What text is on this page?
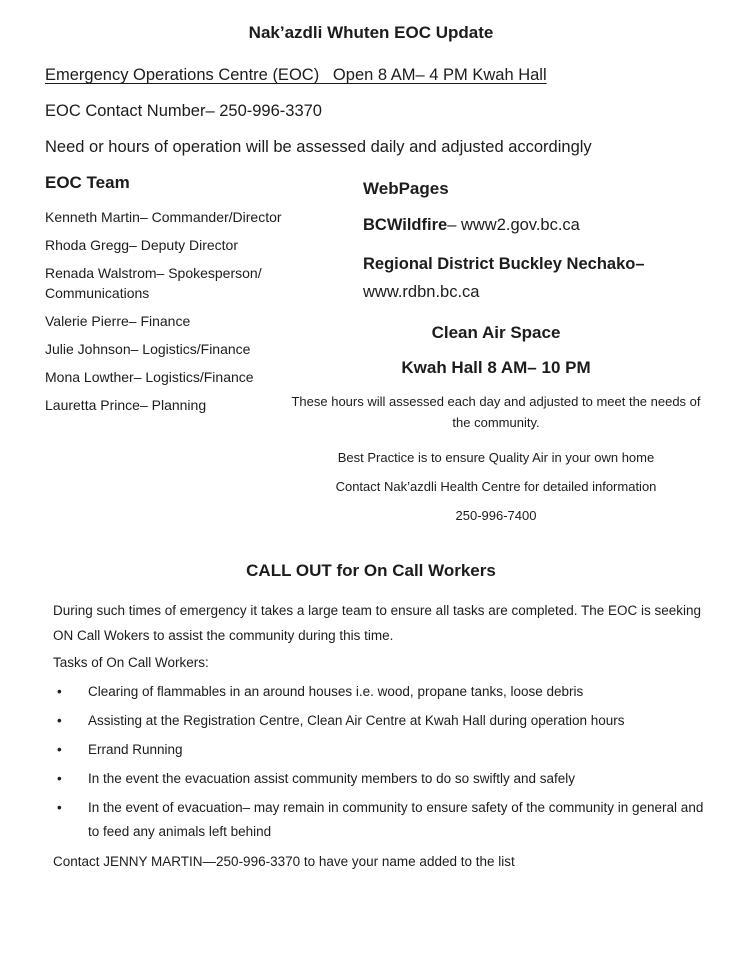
Nak’azdli Whuten EOC Update

Emergency Operations Centre (EOC)   Open 8 AM– 4 PM Kwah Hall

EOC Contact Number– 250-996-3370

Need or hours of operation will be assessed daily and adjusted accordingly

EOC Team

Kenneth Martin– Commander/Director

Rhoda Gregg– Deputy Director

Renada Walstrom– Spokesperson/ Communications

Valerie Pierre– Finance

Julie Johnson– Logistics/Finance

Mona Lowther– Logistics/Finance

Lauretta Prince– Planning

WebPages

BCWildfire– www2.gov.bc.ca

Regional District Buckley Nechako– www.rdbn.bc.ca

Clean Air Space

Kwah Hall 8 AM– 10 PM

These hours will assessed each day and adjusted to meet the needs of the community.

Best Practice is to ensure Quality Air in your own home

Contact Nak’azdli Health Centre for detailed information

250-996-7400

CALL OUT for On Call Workers

During such times of emergency it takes a large team to ensure all tasks are completed. The EOC is seeking ON Call Wokers to assist the community during this time.

Tasks of On Call Workers:

• Clearing of flammables in an around houses i.e. wood, propane tanks, loose debris
• Assisting at the Registration Centre, Clean Air Centre at Kwah Hall during operation hours
• Errand Running
• In the event the evacuation assist community members to do so swiftly and safely
• In the event of evacuation– may remain in community to ensure safety of the community in general and to feed any animals left behind

Contact JENNY MARTIN—250-996-3370 to have your name added to the list
